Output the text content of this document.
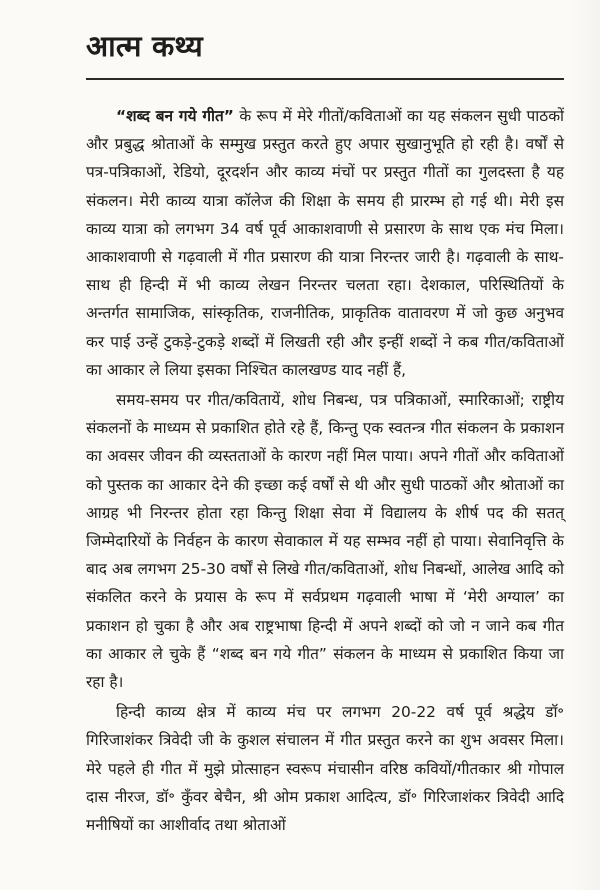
आत्म कथ्य

“शब्द बन गये गीत” के रूप में मेरे गीतों/कविताओं का यह संकलन सुधी पाठकों और प्रबुद्ध श्रोताओं के सम्मुख प्रस्तुत करते हुए अपार सुखानुभूति हो रही है। वर्षों से पत्र-पत्रिकाओं, रेडियो, दूरदर्शन और काव्य मंचों पर प्रस्तुत गीतों का गुलदस्ता है यह संकलन। मेरी काव्य यात्रा कॉलेज की शिक्षा के समय ही प्रारम्भ हो गई थी। मेरी इस काव्य यात्रा को लगभग 34 वर्ष पूर्व आकाशवाणी से प्रसारण के साथ एक मंच मिला। आकाशवाणी से गढ़वाली में गीत प्रसारण की यात्रा निरन्तर जारी है। गढ़वाली के साथ-साथ ही हिन्दी में भी काव्य लेखन निरन्तर चलता रहा। देशकाल, परिस्थितियों के अन्तर्गत सामाजिक, सांस्कृतिक, राजनीतिक, प्राकृतिक वातावरण में जो कुछ अनुभव कर पाई उन्हें टुकड़े-टुकड़े शब्दों में लिखती रही और इन्हीं शब्दों ने कब गीत/कविताओं का आकार ले लिया इसका निश्चित कालखण्ड याद नहीं हैं,

समय-समय पर गीत/कवितायें, शोध निबन्ध, पत्र पत्रिकाओं, स्मारिकाओं; राष्ट्रीय संकलनों के माध्यम से प्रकाशित होते रहे हैं, किन्तु एक स्वतन्त्र गीत संकलन के प्रकाशन का अवसर जीवन की व्यस्तताओं के कारण नहीं मिल पाया। अपने गीतों और कविताओं को पुस्तक का आकार देने की इच्छा कई वर्षों से थी और सुधी पाठकों और श्रोताओं का आग्रह भी निरन्तर होता रहा किन्तु शिक्षा सेवा में विद्यालय के शीर्ष पद की सतत् जिम्मेदारियों के निर्वहन के कारण सेवाकाल में यह सम्भव नहीं हो पाया। सेवानिवृत्ति के बाद अब लगभग 25-30 वर्षों से लिखे गीत/कविताओं, शोध निबन्धों, आलेख आदि को संकलित करने के प्रयास के रूप में सर्वप्रथम गढ़वाली भाषा में ‘मेरी अग्याल’ का प्रकाशन हो चुका है और अब राष्ट्रभाषा हिन्दी में अपने शब्दों को जो न जाने कब गीत का आकार ले चुके हैं “शब्द बन गये गीत” संकलन के माध्यम से प्रकाशित किया जा रहा है।

हिन्दी काव्य क्षेत्र में काव्य मंच पर लगभग 20-22 वर्ष पूर्व श्रद्धेय डॉ॰ गिरिजाशंकर त्रिवेदी जी के कुशल संचालन में गीत प्रस्तुत करने का शुभ अवसर मिला। मेरे पहले ही गीत में मुझे प्रोत्साहन स्वरूप मंचासीन वरिष्ठ कवियों/गीतकार श्री गोपाल दास नीरज, डॉ॰ कुँवर बेचैन, श्री ओम प्रकाश आदित्य, डॉ॰ गिरिजाशंकर त्रिवेदी आदि मनीषियों का आशीर्वाद तथा श्रोताओं
